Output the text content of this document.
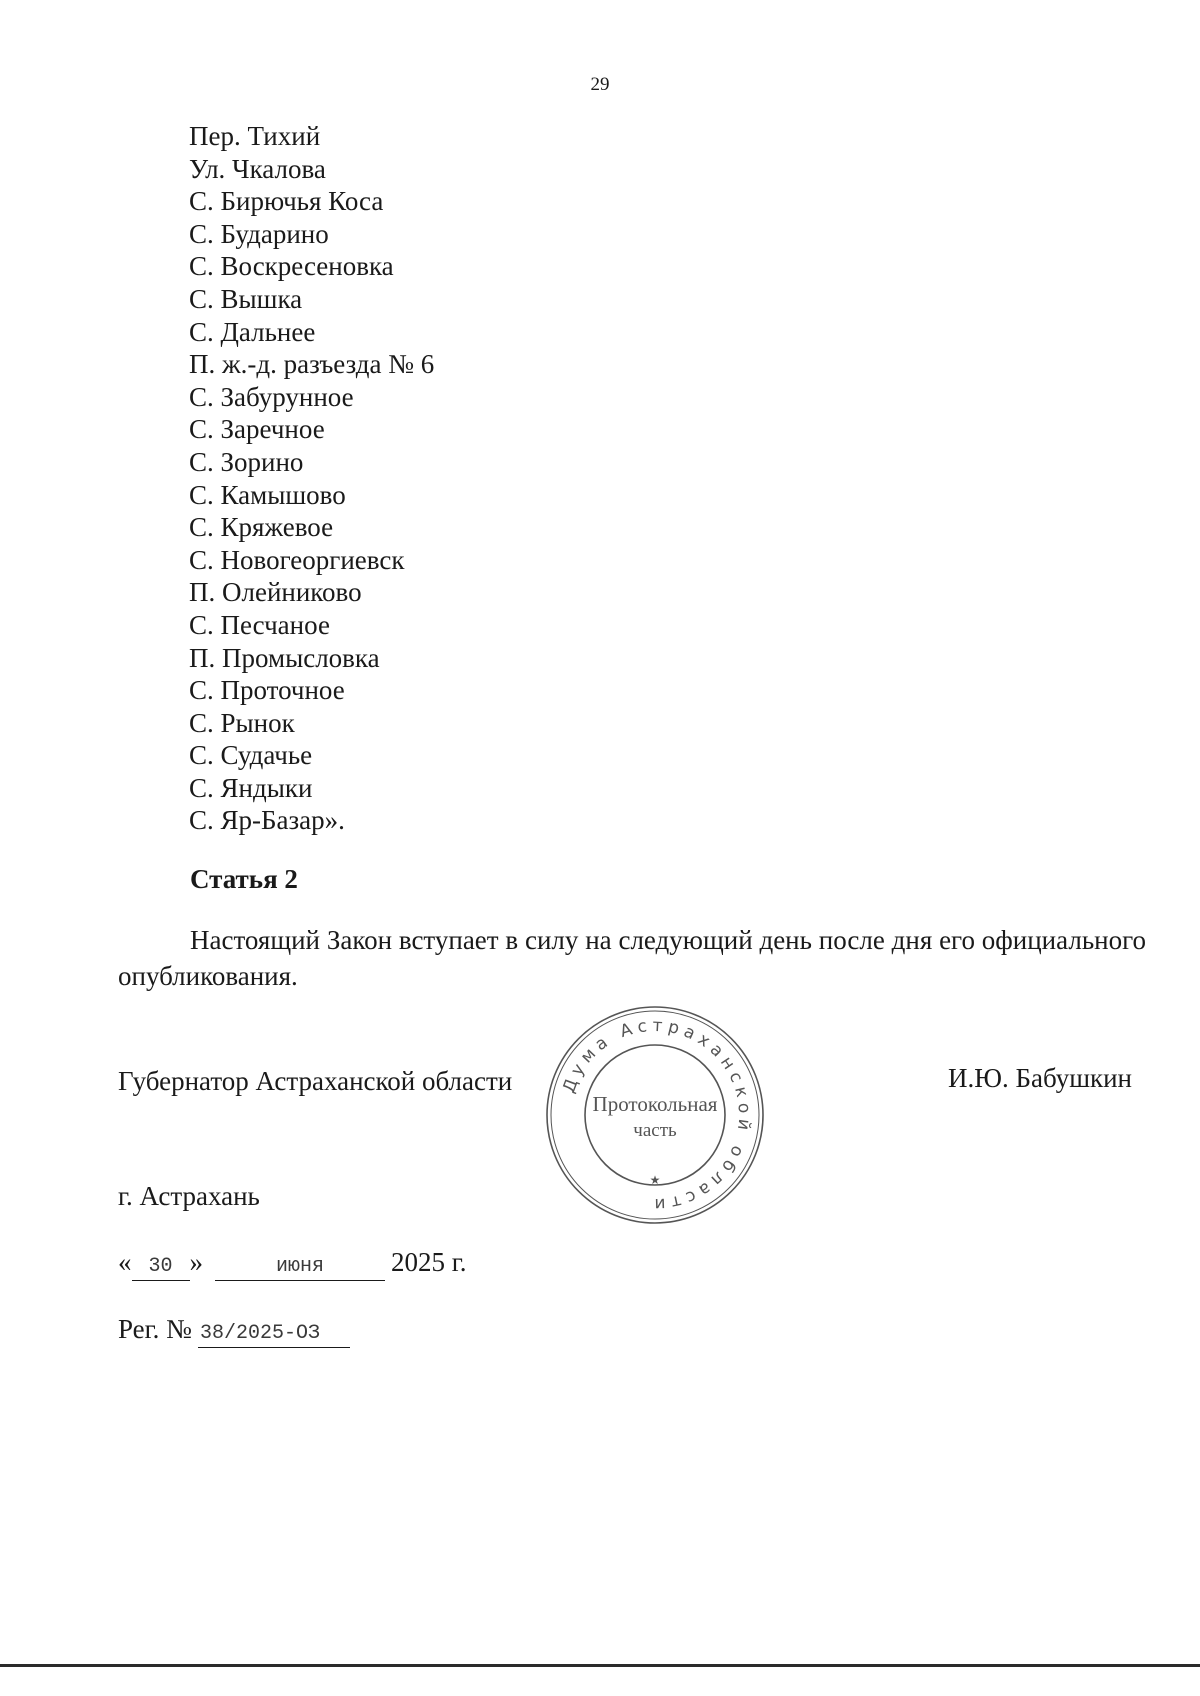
29
Пер. Тихий
Ул. Чкалова
С. Бирючья Коса
С. Бударино
С. Воскресеновка
С. Вышка
С. Дальнее
П. ж.-д. разъезда № 6
С. Забурунное
С. Заречное
С. Зорино
С. Камышово
С. Кряжевое
С. Новогеоргиевск
П. Олейниково
С. Песчаное
П. Промысловка
С. Проточное
С. Рынок
С. Судачье
С. Яндыки
С. Яр-Базар».
Статья 2

Настоящий Закон вступает в силу на следующий день после дня его официального опубликования.

Губернатор Астраханской области	Дума Астраханской области
★
Протокольная
часть
И.Ю. Бабушкин
г. Астрахань
« 30 »	июня 2025 г.
Рег. № 38/2025-ОЗ
